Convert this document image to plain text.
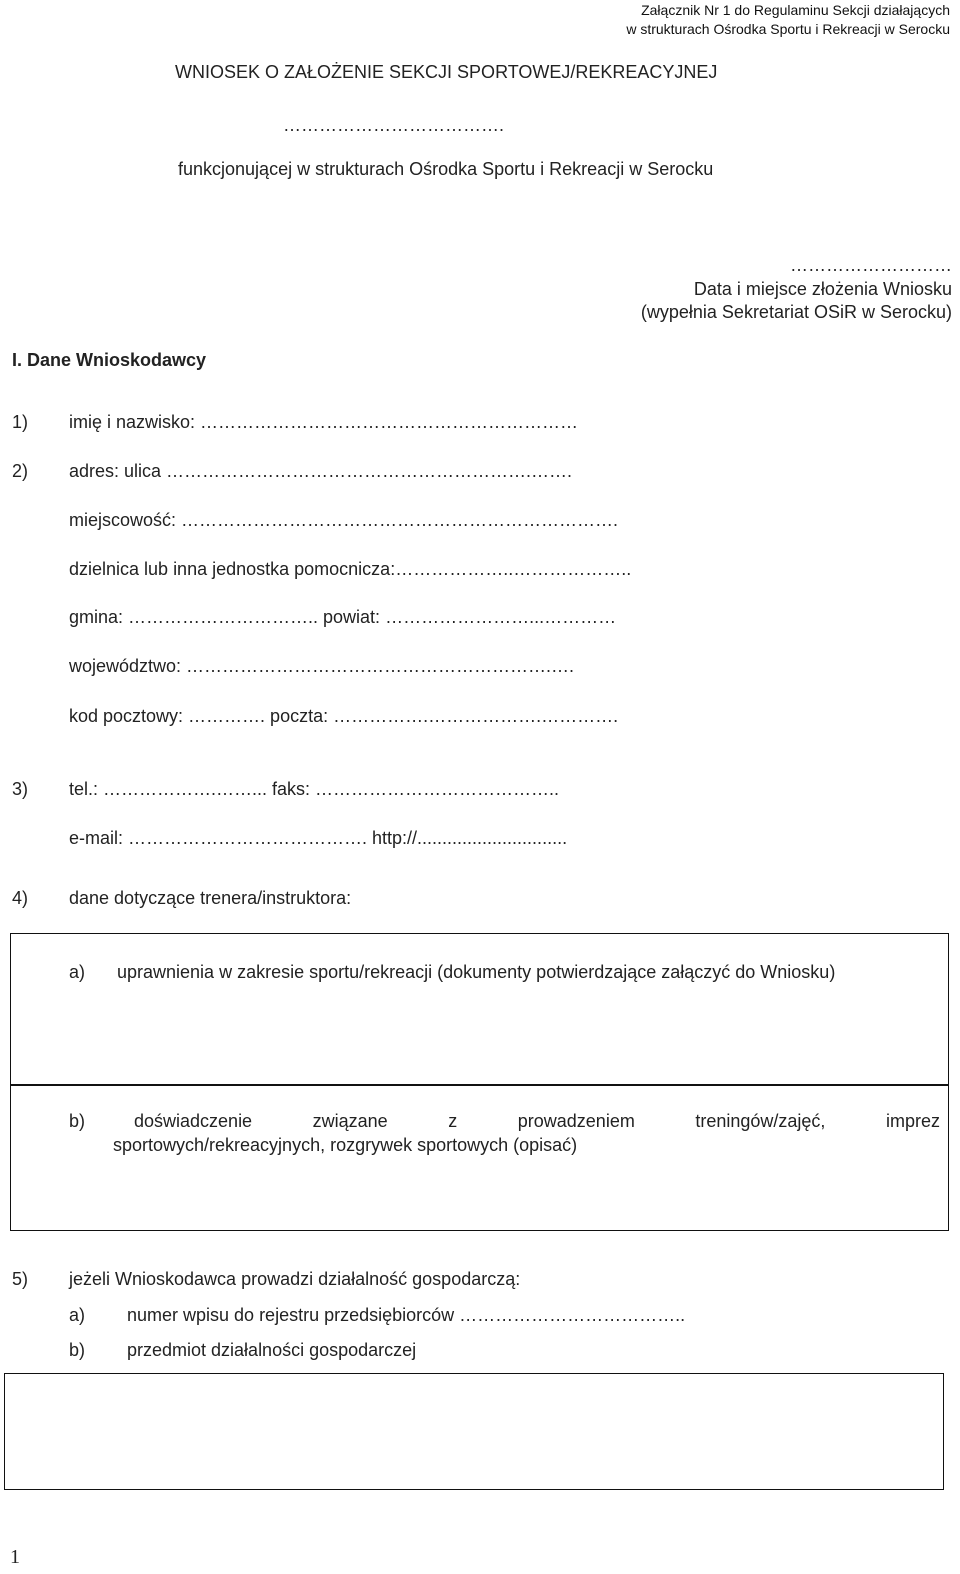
Załącznik Nr 1 do Regulaminu Sekcji działających
w strukturach Ośrodka Sportu i Rekreacji w Serocku
WNIOSEK O ZAŁOŻENIE SEKCJI SPORTOWEJ/REKREACYJNEJ
……………………………….
funkcjonującej w strukturach Ośrodka Sportu i Rekreacji w Serocku
………………………
Data i miejsce złożenia Wniosku
(wypełnia Sekretariat OSiR w Serocku)
I. Dane Wnioskodawcy
1) imię i nazwisko: ………………………………………………………
2) adres: ulica …………………………………………………….…….
miejscowość: ……………………………………………………………….
dzielnica lub inna jednostka pomocnicza:………………..………………..
gmina: ………………………….. powiat: ……………………...…………
województwo: …………………………………………………….….
kod pocztowy: …………. poczta: …………….……………….………….
3) tel.: ……………….……... faks: …………………………………..
e-mail: …………………………………. http://..............................
4) dane dotyczące trenera/instruktora:
a) uprawnienia w zakresie sportu/rekreacji (dokumenty potwierdzające załączyć do Wniosku)
b)	doświadczenie związane z prowadzeniem treningów/zajęć, imprez
sportowych/rekreacyjnych, rozgrywek sportowych (opisać)
5) jeżeli Wnioskodawca prowadzi działalność gospodarczą:
a) numer wpisu do rejestru przedsiębiorców ………………………………..
b) przedmiot działalności gospodarczej
1
